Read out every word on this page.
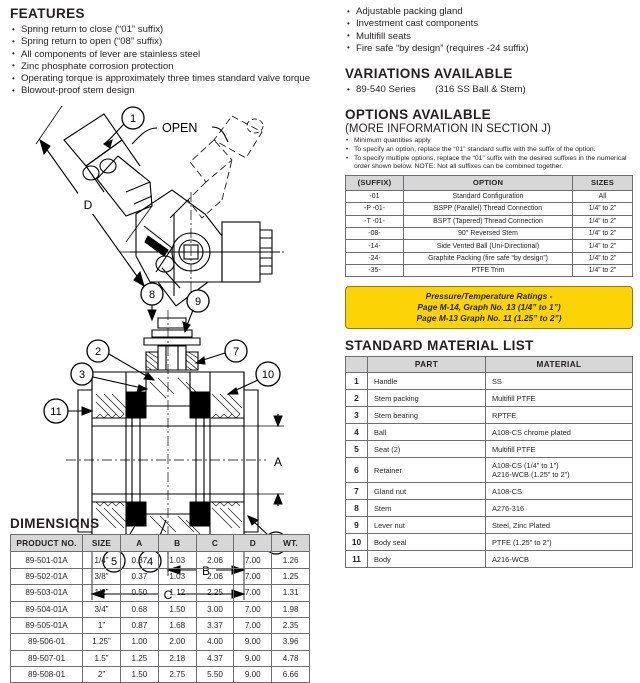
FEATURES
• Spring return to close (“01” suffix)
• Spring return to open (“08” suffix)
• All components of lever are stainless steel
• Zinc phosphate corrosion protection
• Operating torque is approximately three times standard valve torque
• Blowout-proof stem design
• Adjustable packing gland
• Investment cast components
• Multifill seats
• Fire safe “by design” (requires -24 suffix)
VARIATIONS AVAILABLE
• 89-540 Series (316 SS Ball & Stem)
OPTIONS AVAILABLE
(MORE INFORMATION IN SECTION J)
• Minimum quantities apply
• To specify an option, replace the “01” standard suffix with the suffix of the option.
• To specify multiple options, replace the “01” suffix with the desired suffixes in the numerical order shown below. NOTE: Not all suffixes can be combined together.
(SUFFIX)	OPTION	SIZES
-01	Standard Configuration	All
-P -01-	BSPP (Parallel) Thread Connection	1/4” to 2”
-T -01-	BSPT (Tapered) Thread Connection	1/4” to 2”
-08-	90° Reversed Stem	1/4” to 2”
-14-	Side Vented Ball (Uni-Directional)	1/4” to 2”
-24-	Graphite Packing (fire safe “by design”)	1/4” to 2”
-35-	PTFE Trim	1/4” to 2”
Pressure/Temperature Ratings -
Page M-14, Graph No. 13 (1/4” to 1”)
Page M-13 Graph No. 11 (1.25” to 2”)
STANDARD MATERIAL LIST
	PART	MATERIAL
1	Handle	SS
2	Stem packing	Multifill PTFE
3	Stem bearing	RPTFE
4	Ball	A108-CS chrome plated
5	Seat (2)	Multifill PTFE
6	Retainer	A108-CS (1/4” to 1”)
A216-WCB (1.25” to 2”)

7	Gland nut	A108-CS
8	Stem	A276-316
9	Lever nut	Steel, Zinc Plated
10	Body seal	PTFE (1.25” to 2”)
11	Body	A216-WCB
OPEN
1
D
8
9
2
3
7
10
11
5	4
A
B
C
DIMENSIONS
PRODUCT NO.	SIZE	A	B	C	D	WT.
89-501-01A	1/4”	0.37	1.03	2.06	7.00	1.26
89-502-01A	3/8”	0.37	1.03	2.06	7.00	1.25
89-503-01A	1/2”	0.50	1.12	2.25	7.00	1.31
89-504-01A	3/4”	0.68	1.50	3.00	7.00	1.98
89-505-01A	1”	0.87	1.68	3.37	7.00	2.35
89-506-01	1.25”	1.00	2.00	4.00	9.00	3.96
89-507-01	1.5”	1.25	2.18	4.37	9.00	4.78
89-508-01	2”	1.50	2.75	5.50	9.00	6.66
